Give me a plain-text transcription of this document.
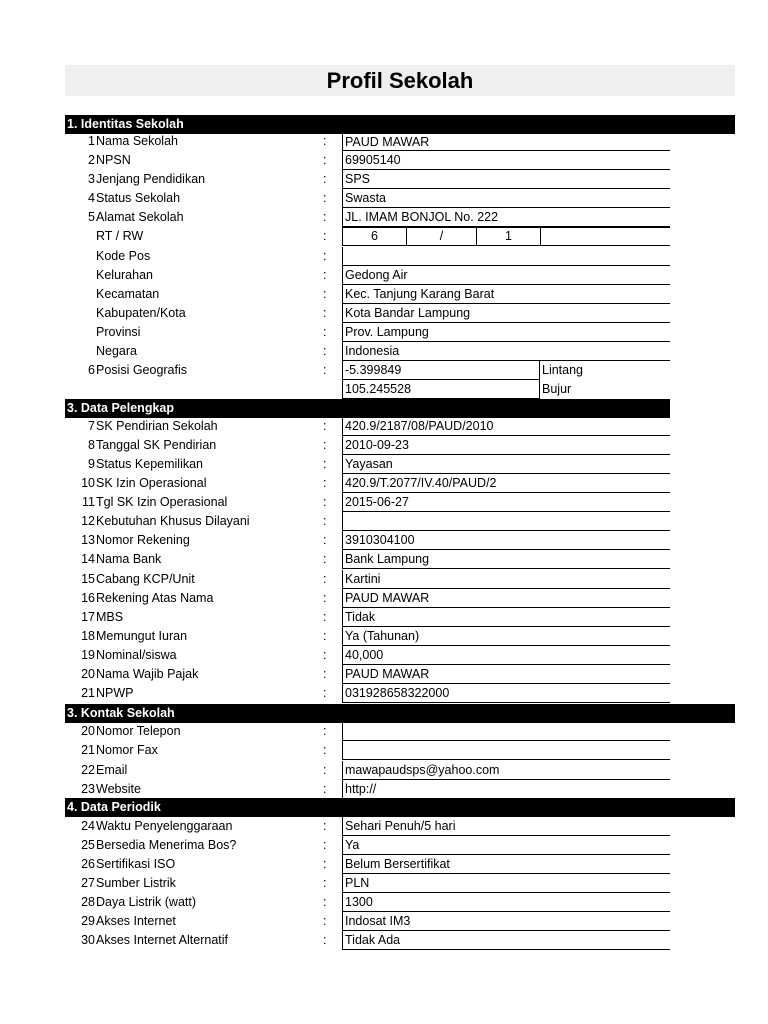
Profil Sekolah
1. Identitas Sekolah
1 Nama Sekolah	:	PAUD MAWAR
2 NPSN	:	69905140
3 Jenjang Pendidikan	:	SPS
4 Status Sekolah	:	Swasta
5 Alamat Sekolah	:	JL. IMAM BONJOL No. 222
RT / RW	:	6	/	1
Kode Pos	:
Kelurahan	:	Gedong Air
Kecamatan	:	Kec. Tanjung Karang Barat
Kabupaten/Kota	:	Kota Bandar Lampung
Provinsi	:	Prov. Lampung
Negara	:	Indonesia
6 Posisi Geografis	:	-5.399849	Lintang
105.245528	Bujur
3. Data Pelengkap
7 SK Pendirian Sekolah	:	420.9/2187/08/PAUD/2010
8 Tanggal SK Pendirian	:	2010-09-23
9 Status Kepemilikan	:	Yayasan
10 SK Izin Operasional	:	420.9/T.2077/IV.40/PAUD/2
11 Tgl SK Izin Operasional	:	2015-06-27
12 Kebutuhan Khusus Dilayani	:
13 Nomor Rekening	:	3910304100
14 Nama Bank	:	Bank Lampung
15 Cabang KCP/Unit	:	Kartini
16 Rekening Atas Nama	:	PAUD MAWAR
17 MBS	:	Tidak
18 Memungut Iuran	:	Ya (Tahunan)
19 Nominal/siswa	:	40,000
20 Nama Wajib Pajak	:	PAUD MAWAR
21 NPWP	:	031928658322000
3. Kontak Sekolah
20 Nomor Telepon	:
21 Nomor Fax	:
22 Email	:	mawapaudsps@yahoo.com
23 Website	:	http://
4. Data Periodik
24 Waktu Penyelenggaraan	:	Sehari Penuh/5 hari
25 Bersedia Menerima Bos?	:	Ya
26 Sertifikasi ISO	:	Belum Bersertifikat
27 Sumber Listrik	:	PLN
28 Daya Listrik (watt)	:	1300
29 Akses Internet	:	Indosat IM3
30 Akses Internet Alternatif	:	Tidak Ada
